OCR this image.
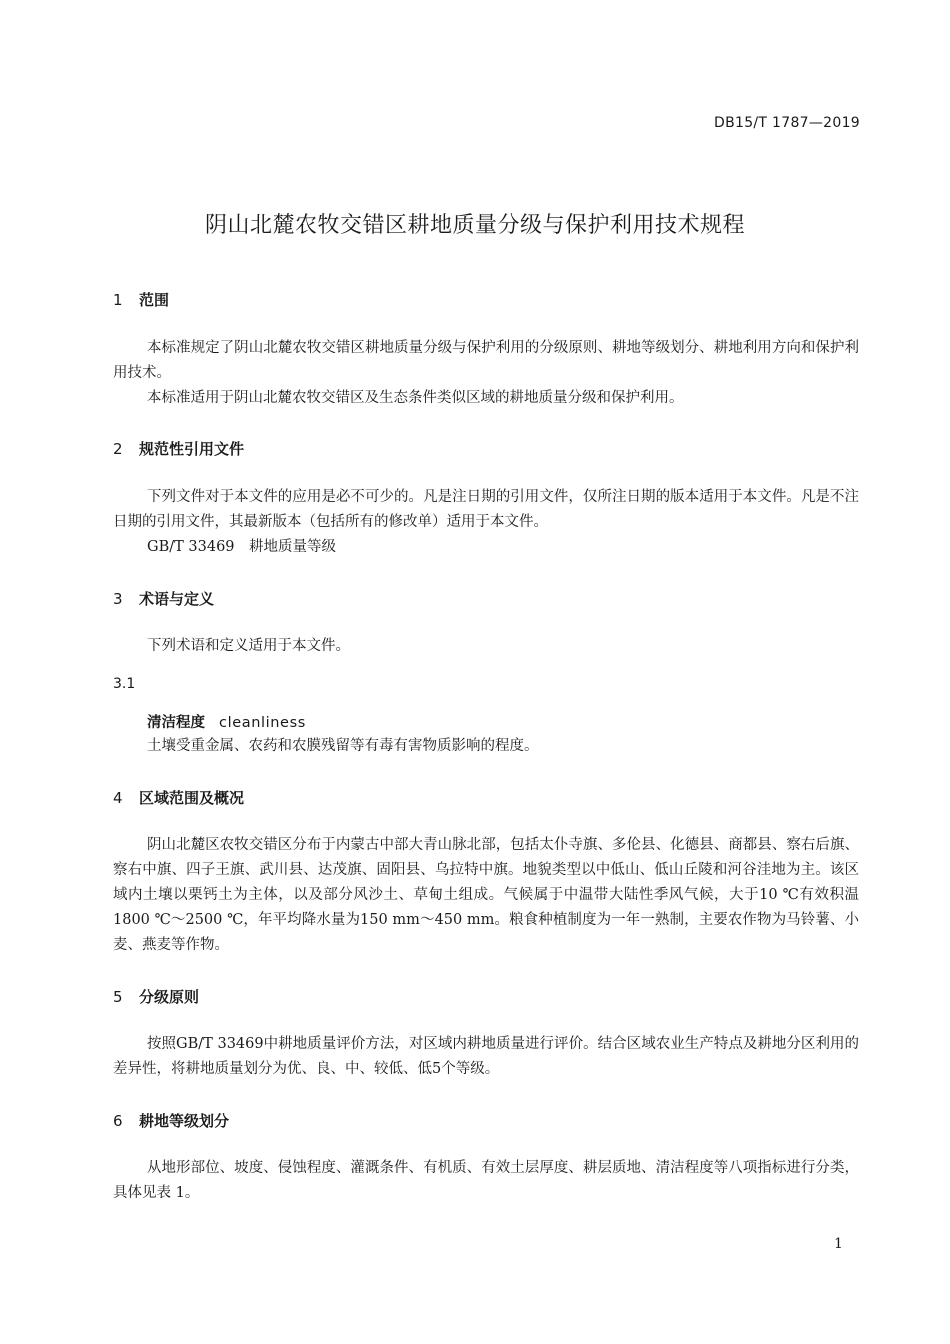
DB15/T 1787—2019
阴山北麓农牧交错区耕地质量分级与保护利用技术规程
1 范围

本标准规定了阴山北麓农牧交错区耕地质量分级与保护利用的分级原则、耕地等级划分、耕地利用方向和保护利用技术。

本标准适用于阴山北麓农牧交错区及生态条件类似区域的耕地质量分级和保护利用。

2 规范性引用文件

下列文件对于本文件的应用是必不可少的。凡是注日期的引用文件，仅所注日期的版本适用于本文件。凡是不注日期的引用文件，其最新版本（包括所有的修改单）适用于本文件。

GB/T 33469　耕地质量等级

3 术语与定义

下列术语和定义适用于本文件。

3.1
清洁程度 cleanliness

土壤受重金属、农药和农膜残留等有毒有害物质影响的程度。

4 区域范围及概况

阴山北麓区农牧交错区分布于内蒙古中部大青山脉北部，包括太仆寺旗、多伦县、化德县、商都县、察右后旗、察右中旗、四子王旗、武川县、达茂旗、固阳县、乌拉特中旗。地貌类型以中低山、低山丘陵和河谷洼地为主。该区域内土壤以栗钙土为主体，以及部分风沙土、草甸土组成。气候属于中温带大陆性季风气候，大于10 ℃有效积温1800 ℃～2500 ℃，年平均降水量为150 mm～450 mm。粮食种植制度为一年一熟制，主要农作物为马铃薯、小麦、燕麦等作物。

5 分级原则

按照GB/T 33469中耕地质量评价方法，对区域内耕地质量进行评价。结合区域农业生产特点及耕地分区利用的差异性，将耕地质量划分为优、良、中、较低、低5个等级。

6 耕地等级划分

从地形部位、坡度、侵蚀程度、灌溉条件、有机质、有效土层厚度、耕层质地、清洁程度等八项指标进行分类，具体见表 1。

1
